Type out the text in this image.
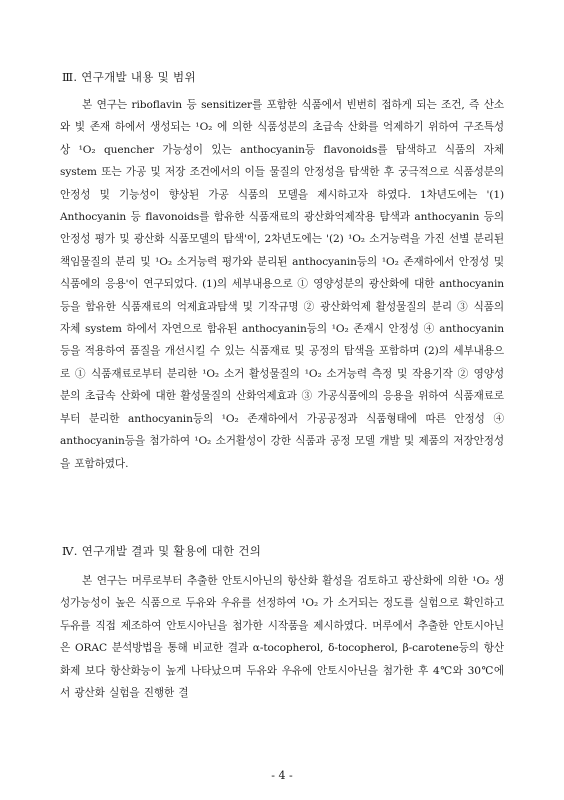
Ⅲ. 연구개발 내용 및 범위
본 연구는 riboflavin 등 sensitizer를 포함한 식품에서 빈번히 접하게 되는 조건, 즉 산소와 빛 존재 하에서 생성되는 ¹O₂ 에 의한 식품성분의 초급속 산화를 억제하기 위하여 구조특성상 ¹O₂ quencher 가능성이 있는 anthocyanin등 flavonoids를 탐색하고 식품의 자체 system 또는 가공 및 저장 조건에서의 이들 물질의 안정성을 탐색한 후 궁극적으로 식품성분의 안정성 및 기능성이 향상된 가공 식품의 모델을 제시하고자 하였다. 1차년도에는 '(1) Anthocyanin 등 flavonoids를 함유한 식품재료의 광산화억제작용 탐색과 anthocyanin 등의 안정성 평가 및 광산화 식품모델의 탐색'이, 2차년도에는 '(2) ¹O₂ 소거능력을 가진 선별 분리된 책임물질의 분리 및 ¹O₂ 소거능력 평가와 분리된 anthocyanin등의 ¹O₂ 존재하에서 안정성 및 식품에의 응용'이 연구되었다. (1)의 세부내용으로 ① 영양성분의 광산화에 대한 anthocyanin등을 함유한 식품재료의 억제효과탐색 및 기작규명 ② 광산화억제 활성물질의 분리 ③ 식품의 자체 system 하에서 자연으로 함유된 anthocyanin등의 ¹O₂ 존재시 안정성 ④ anthocyanin등을 적용하여 품질을 개선시킬 수 있는 식품재료 및 공정의 탐색을 포함하며 (2)의 세부내용으로 ① 식품재료로부터 분리한 ¹O₂ 소거 활성물질의 ¹O₂ 소거능력 측정 및 작용기작 ② 영양성분의 초급속 산화에 대한 활성물질의 산화억제효과 ③ 가공식품에의 응용을 위하여 식품재료로부터 분리한 anthocyanin등의 ¹O₂ 존재하에서 가공공정과 식품형태에 따른 안정성 ④ anthocyanin등을 첨가하여 ¹O₂ 소거활성이 강한 식품과 공정 모델 개발 및 제품의 저장안정성을 포함하였다.
Ⅳ. 연구개발 결과 및 활용에 대한 건의
본 연구는 머루로부터 추출한 안토시아닌의 항산화 활성을 검토하고 광산화에 의한 ¹O₂ 생성가능성이 높은 식품으로 두유와 우유를 선정하여 ¹O₂ 가 소거되는 정도를 실험으로 확인하고 두유를 직접 제조하여 안토시아닌을 첨가한 시작품을 제시하였다. 머루에서 추출한 안토시아닌은 ORAC 분석방법을 통해 비교한 결과 α-tocopherol, δ-tocopherol, β-carotene등의 항산화제 보다 항산화능이 높게 나타났으며 두유와 우유에 안토시아닌을 첨가한 후 4℃와 30℃에서 광산화 실험을 진행한 결
- 4 -
